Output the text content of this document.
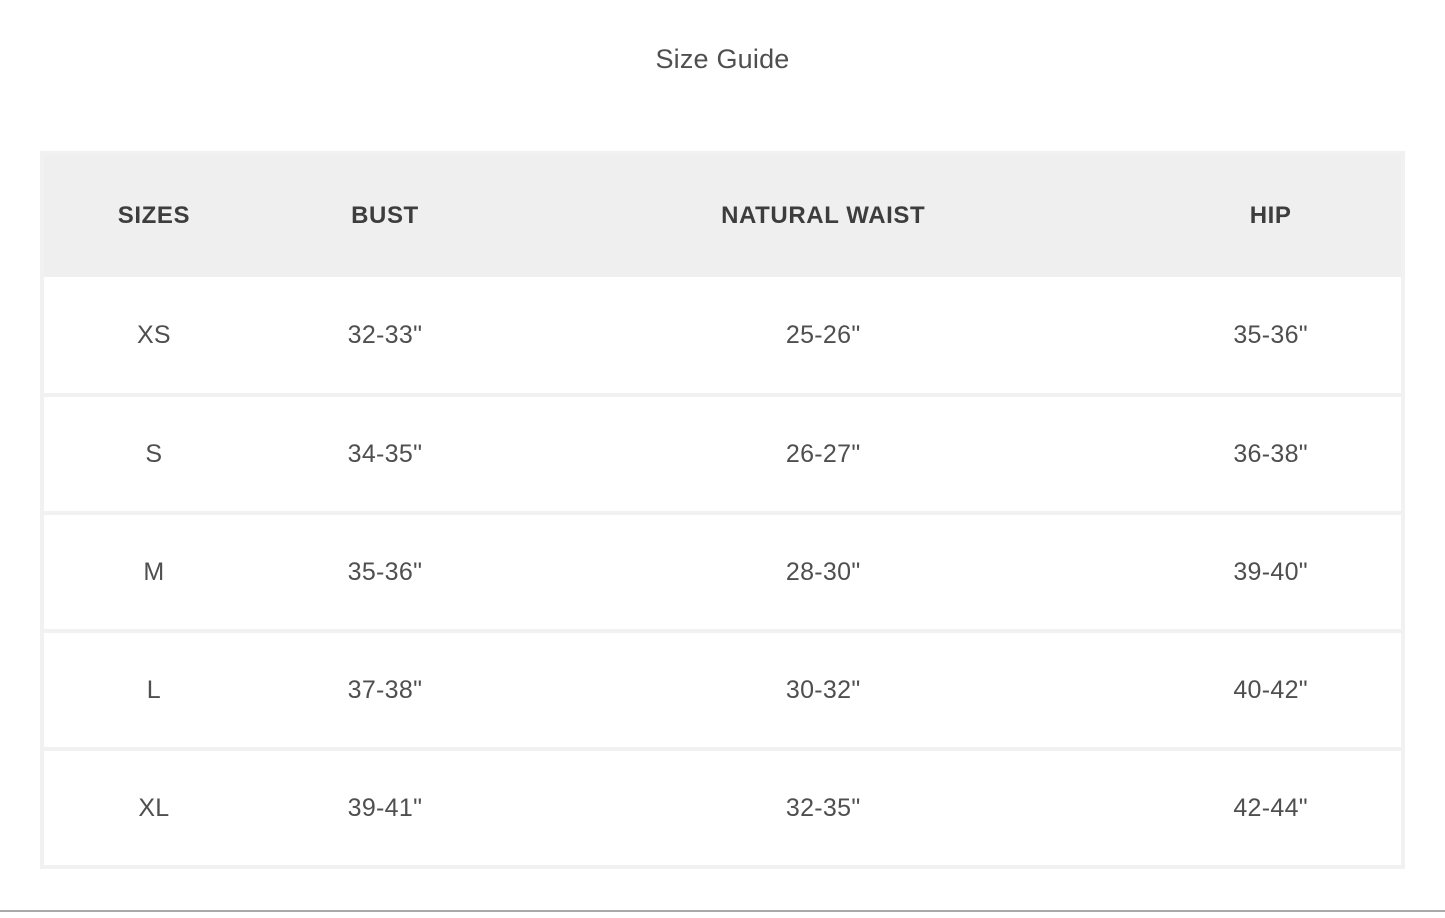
Size Guide
SIZES	BUST	NATURAL WAIST	HIP
XS	32-33"	25-26"	35-36"
S	34-35"	26-27"	36-38"
M	35-36"	28-30"	39-40"
L	37-38"	30-32"	40-42"
XL	39-41"	32-35"	42-44"
